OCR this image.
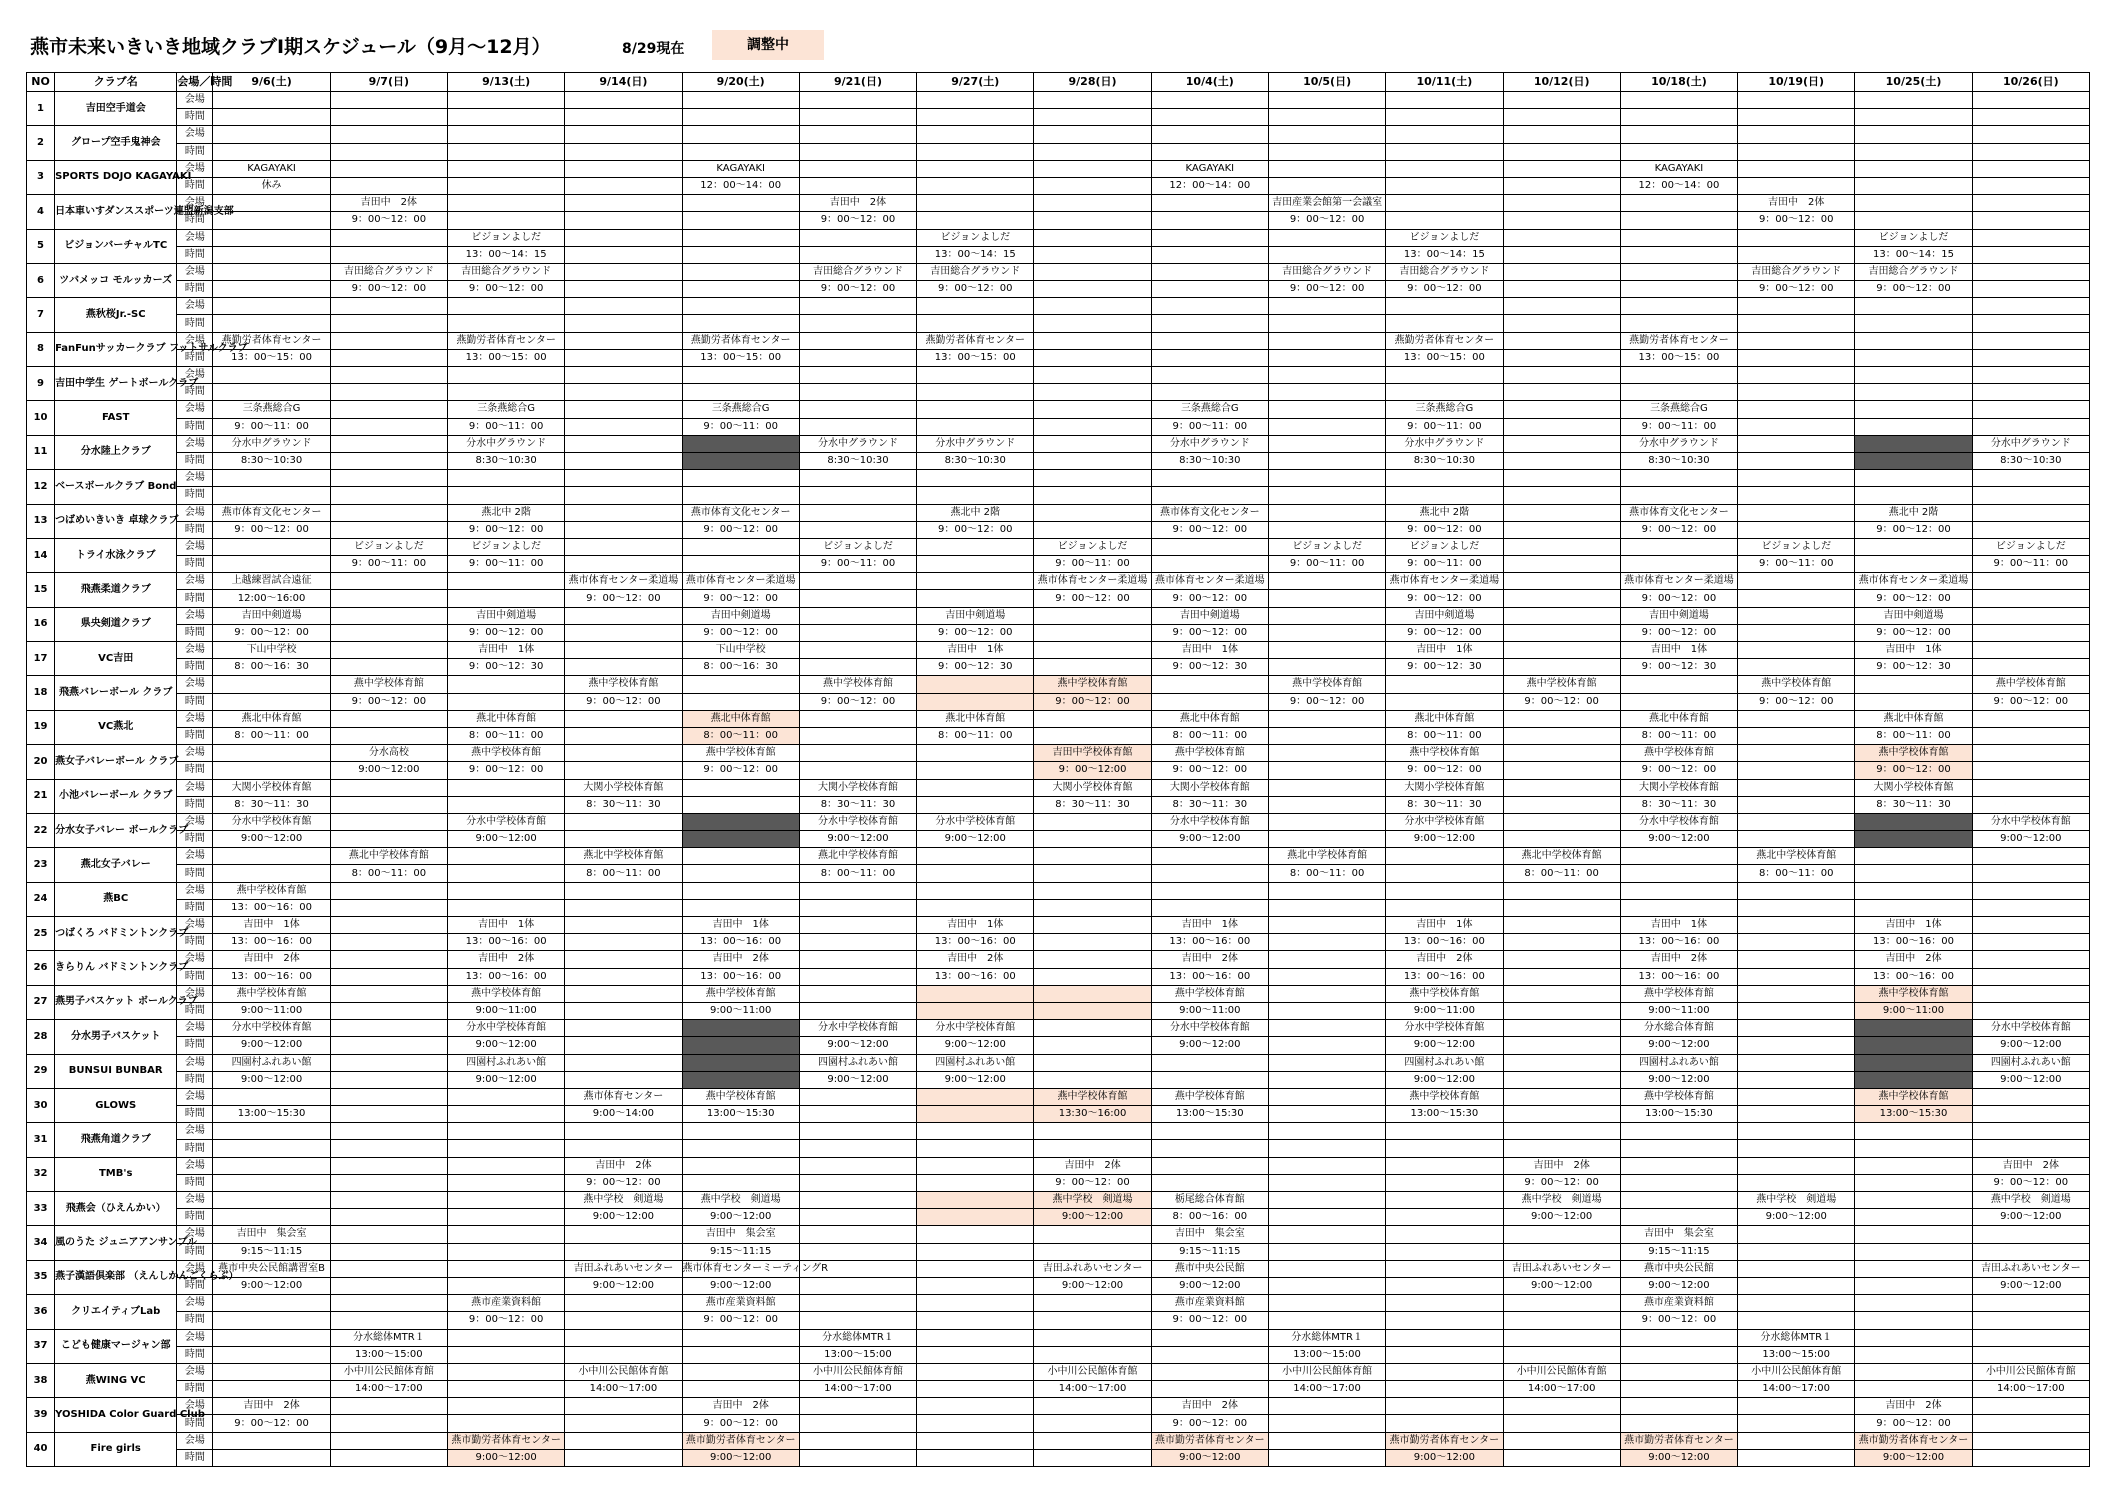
燕市未来いきいき地域クラブⅠ期スケジュール（9月～12月）	8/29現在	調整中
NO	クラブ名	会場／時間	9/6(土)	9/7(日)	9/13(土)	9/14(日)	9/20(土)	9/21(日)	9/27(土)	9/28(日)	10/4(土)	10/5(日)	10/11(土)	10/12(日)	10/18(土)	10/19(日)	10/25(土)	10/26(日)
1	吉田空手道会	会場																
		時間																
2	グロープ空手鬼神会	会場																
		時間																
3	SPORTS DOJO KAGAYAKI	会場	KAGAYAKI				KAGAYAKI				KAGAYAKI				KAGAYAKI			
		時間	休み				12：00～14：00				12：00～14：00				12：00～14：00			
4	日本車いすダンススポーツ連盟新潟支部	会場		吉田中　2体				吉田中　2体				吉田産業会館第一会議室				吉田中　2体		
		時間		9：00～12：00				9：00～12：00				9：00～12：00				9：00～12：00		
5	ビジョンバーチャルTC	会場			ビジョンよしだ				ビジョンよしだ				ビジョンよしだ				ビジョンよしだ	
		時間			13：00～14：15				13：00～14：15				13：00～14：15				13：00～14：15	
6	ツバメッコ モルッカーズ	会場		吉田総合グラウンド	吉田総合グラウンド			吉田総合グラウンド	吉田総合グラウンド			吉田総合グラウンド	吉田総合グラウンド			吉田総合グラウンド	吉田総合グラウンド	
		時間		9：00～12：00	9：00～12：00			9：00～12：00	9：00～12：00			9：00～12：00	9：00～12：00			9：00～12：00	9：00～12：00	
7	燕秋桜Jr.-SC	会場																
		時間																
8	FanFunサッカークラブ フットサルクラブ	会場	燕勤労者体育センター		燕勤労者体育センター		燕勤労者体育センター		燕勤労者体育センター				燕勤労者体育センター		燕勤労者体育センター			
		時間	13：00～15：00		13：00～15：00		13：00～15：00		13：00～15：00				13：00～15：00		13：00～15：00			
9	吉田中学生 ゲートボールクラブ	会場																
		時間																
10	FAST	会場	三条燕総合G		三条燕総合G		三条燕総合G				三条燕総合G		三条燕総合G		三条燕総合G			
		時間	9：00～11：00		9：00～11：00		9：00～11：00				9：00～11：00		9：00～11：00		9：00～11：00			
11	分水陸上クラブ	会場	分水中グラウンド		分水中グラウンド			分水中グラウンド	分水中グラウンド		分水中グラウンド		分水中グラウンド		分水中グラウンド			分水中グラウンド
		時間	8:30～10:30		8:30～10:30			8:30～10:30	8:30～10:30		8:30～10:30		8:30～10:30		8:30～10:30			8:30～10:30
12	ベースボールクラブ Bond	会場																
		時間																
13	つばめいきいき 卓球クラブ	会場	燕市体育文化センター		燕北中 2階		燕市体育文化センター		燕北中 2階		燕市体育文化センター		燕北中 2階		燕市体育文化センター		燕北中 2階	
		時間	9：00～12：00		9：00～12：00		9：00～12：00		9：00～12：00		9：00～12：00		9：00～12：00		9：00～12：00		9：00～12：00	
14	トライ水泳クラブ	会場		ビジョンよしだ	ビジョンよしだ			ビジョンよしだ		ビジョンよしだ		ビジョンよしだ	ビジョンよしだ			ビジョンよしだ		ビジョンよしだ
		時間		9：00～11：00	9：00～11：00			9：00～11：00		9：00～11：00		9：00～11：00	9：00～11：00			9：00～11：00		9：00～11：00
15	飛燕柔道クラブ	会場	上越練習試合遠征			燕市体育センター柔道場	燕市体育センター柔道場			燕市体育センター柔道場	燕市体育センター柔道場		燕市体育センター柔道場		燕市体育センター柔道場		燕市体育センター柔道場	
		時間	12:00～16:00			9：00～12：00	9：00～12：00			9：00～12：00	9：00～12：00		9：00～12：00		9：00～12：00		9：00～12：00	
16	県央剣道クラブ	会場	吉田中剣道場		吉田中剣道場		吉田中剣道場		吉田中剣道場		吉田中剣道場		吉田中剣道場		吉田中剣道場		吉田中剣道場	
		時間	9：00～12：00		9：00～12：00		9：00～12：00		9：00～12：00		9：00～12：00		9：00～12：00		9：00～12：00		9：00～12：00	
17	VC吉田	会場	下山中学校		吉田中　1体		下山中学校		吉田中　1体		吉田中　1体		吉田中　1体		吉田中　1体		吉田中　1体	
		時間	8：00～16：30		9：00～12：30		8：00～16：30		9：00～12：30		9：00～12：30		9：00～12：30		9：00～12：30		9：00～12：30	
18	飛燕バレーボール クラブ	会場		燕中学校体育館		燕中学校体育館		燕中学校体育館		燕中学校体育館		燕中学校体育館		燕中学校体育館		燕中学校体育館		燕中学校体育館
		時間		9：00～12：00		9：00～12：00		9：00～12：00		9：00～12：00		9：00～12：00		9：00～12：00		9：00～12：00		9：00～12：00
19	VC燕北	会場	燕北中体育館		燕北中体育館		燕北中体育館		燕北中体育館		燕北中体育館		燕北中体育館		燕北中体育館		燕北中体育館	
		時間	8：00～11：00		8：00～11：00		8：00～11：00		8：00～11：00		8：00～11：00		8：00～11：00		8：00～11：00		8：00～11：00	
20	燕女子バレーボール クラブ	会場		分水高校	燕中学校体育館		燕中学校体育館			吉田中学校体育館	燕中学校体育館		燕中学校体育館		燕中学校体育館		燕中学校体育館	
		時間		9:00～12:00	9：00～12：00		9：00～12：00			9：00～12:00	9：00～12：00		9：00～12：00		9：00～12：00		9：00～12：00	
21	小池バレーボール クラブ	会場	大関小学校体育館			大関小学校体育館		大関小学校体育館		大関小学校体育館	大関小学校体育館		大関小学校体育館		大関小学校体育館		大関小学校体育館	
		時間	8：30～11：30			8：30～11：30		8：30～11：30		8：30～11：30	8：30～11：30		8：30～11：30		8：30～11：30		8：30～11：30	
22	分水女子バレー ボールクラブ	会場	分水中学校体育館		分水中学校体育館			分水中学校体育館	分水中学校体育館		分水中学校体育館		分水中学校体育館		分水中学校体育館			分水中学校体育館
		時間	9:00～12:00		9:00～12:00			9:00～12:00	9:00～12:00		9:00～12:00		9:00～12:00		9:00～12:00			9:00～12:00
23	燕北女子バレー	会場		燕北中学校体育館		燕北中学校体育館		燕北中学校体育館				燕北中学校体育館		燕北中学校体育館		燕北中学校体育館		
		時間		8：00～11：00		8：00～11：00		8：00～11：00				8：00～11：00		8：00～11：00		8：00～11：00		
24	燕BC	会場	燕中学校体育館															
		時間	13：00～16：00															
25	つばくろ バドミントンクラブ	会場	吉田中　1体		吉田中　1体		吉田中　1体		吉田中　1体		吉田中　1体		吉田中　1体		吉田中　1体		吉田中　1体	
		時間	13：00～16：00		13：00～16：00		13：00～16：00		13：00～16：00		13：00～16：00		13：00～16：00		13：00～16：00		13：00～16：00	
26	きらりん バドミントンクラブ	会場	吉田中　2体		吉田中　2体		吉田中　2体		吉田中　2体		吉田中　2体		吉田中　2体		吉田中　2体		吉田中　2体	
		時間	13：00～16：00		13：00～16：00		13：00～16：00		13：00～16：00		13：00～16：00		13：00～16：00		13：00～16：00		13：00～16：00	
27	燕男子バスケット ボールクラブ	会場	燕中学校体育館		燕中学校体育館		燕中学校体育館				燕中学校体育館		燕中学校体育館		燕中学校体育館		燕中学校体育館	
		時間	9:00～11:00		9:00～11:00		9:00～11:00				9:00～11:00		9:00～11:00		9:00～11:00		9:00～11:00	
28	分水男子バスケット	会場	分水中学校体育館		分水中学校体育館			分水中学校体育館	分水中学校体育館		分水中学校体育館		分水中学校体育館		分水総合体育館			分水中学校体育館
		時間	9:00～12:00		9:00～12:00			9:00～12:00	9:00～12:00		9:00～12:00		9:00～12:00		9:00～12:00			9:00～12:00
29	BUNSUI BUNBAR	会場	四園村ふれあい館		四園村ふれあい館			四園村ふれあい館	四園村ふれあい館				四園村ふれあい館		四園村ふれあい館			四園村ふれあい館
		時間	9:00～12:00		9:00～12:00			9:00～12:00	9:00～12:00				9:00～12:00		9:00～12:00			9:00～12:00
30	GLOWS	会場				燕市体育センター	燕中学校体育館			燕中学校体育館	燕中学校体育館		燕中学校体育館		燕中学校体育館		燕中学校体育館	
		時間	13:00～15:30			9:00～14:00	13:00～15:30			13:30～16:00	13:00～15:30		13:00～15:30		13:00～15:30		13:00～15:30	
31	飛燕角道クラブ	会場																
		時間																
32	TMB's	会場				吉田中　2体				吉田中　2体				吉田中　2体				吉田中　2体
		時間				9：00～12：00				9：00～12：00				9：00～12：00				9：00～12：00
33	飛燕会（ひえんかい）	会場				燕中学校　剣道場	燕中学校　剣道場			燕中学校　剣道場	栃尾総合体育館			燕中学校　剣道場		燕中学校　剣道場		燕中学校　剣道場
		時間				9:00～12:00	9:00～12:00			9:00～12:00	8：00～16：00			9:00～12:00		9:00～12:00		9:00～12:00
34	風のうた ジュニアアンサンブル	会場	吉田中　集会室				吉田中　集会室				吉田中　集会室				吉田中　集会室			
		時間	9:15～11:15				9:15～11:15				9:15～11:15				9:15～11:15			
35	燕子漢語倶楽部 （えんしかんごくらぶ）	会場	燕市中央公民館講習室B			吉田ふれあいセンター	燕市体育センターミーティングR			吉田ふれあいセンター	燕市中央公民館			吉田ふれあいセンター	燕市中央公民館			吉田ふれあいセンター
		時間	9:00～12:00			9:00～12:00	9:00～12:00			9:00～12:00	9:00～12:00			9:00～12:00	9:00～12:00			9:00～12:00
36	クリエイティブLab	会場			燕市産業資料館		燕市産業資料館				燕市産業資料館				燕市産業資料館			
		時間			9：00～12：00		9：00～12：00				9：00～12：00				9：00～12：00			
37	こども健康マージャン部	会場		分水総体MTR１				分水総体MTR１				分水総体MTR１				分水総体MTR１		
		時間		13:00～15:00				13:00～15:00				13:00～15:00				13:00～15:00		
38	燕WING VC	会場		小中川公民館体育館		小中川公民館体育館		小中川公民館体育館		小中川公民館体育館		小中川公民館体育館		小中川公民館体育館		小中川公民館体育館		小中川公民館体育館
		時間		14:00～17:00		14:00～17:00		14:00～17:00		14:00～17:00		14:00～17:00		14:00～17:00		14:00～17:00		14:00～17:00
39	YOSHIDA Color Guard Club	会場	吉田中　2体				吉田中　2体				吉田中　2体						吉田中　2体	
		時間	9：00～12：00				9：00～12：00				9：00～12：00						9：00～12：00	
40	Fire girls	会場			燕市勤労者体育センター		燕市勤労者体育センター				燕市勤労者体育センター		燕市勤労者体育センター		燕市勤労者体育センター		燕市勤労者体育センター	
		時間			9:00～12:00		9:00～12:00				9:00～12:00		9:00～12:00		9:00～12:00		9:00～12:00	
